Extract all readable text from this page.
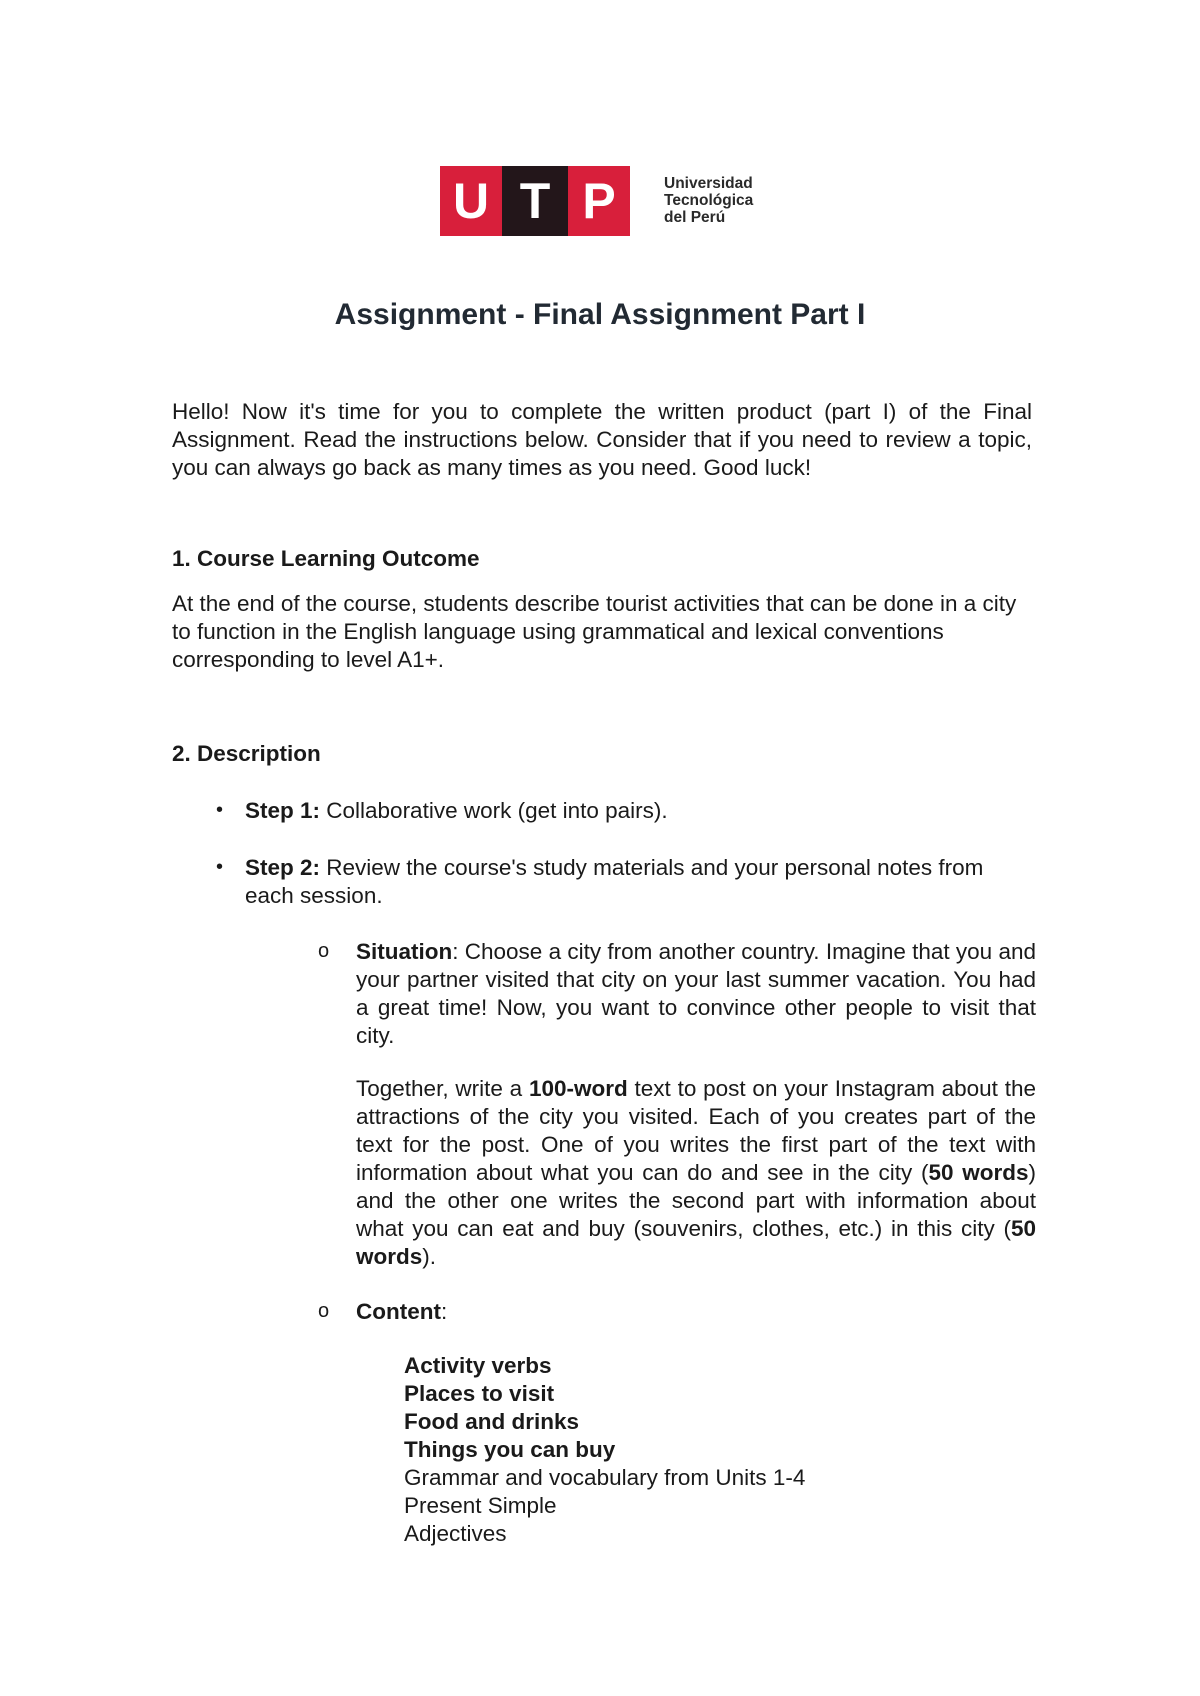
U T P	Universidad
Tecnológica
del Perú
Assignment - Final Assignment Part I
Hello! Now it's time for you to complete the written product (part I) of the Final Assignment. Read the instructions below. Consider that if you need to review a topic, you can always go back as many times as you need. Good luck!
1. Course Learning Outcome
At the end of the course, students describe tourist activities that can be done in a city to function in the English language using grammatical and lexical conventions corresponding to level A1+.
2. Description
• Step 1: Collaborative work (get into pairs).
• Step 2: Review the course's study materials and your personal notes from each session.
o Situation: Choose a city from another country. Imagine that you and your partner visited that city on your last summer vacation. You had a great time! Now, you want to convince other people to visit that city.
Together, write a 100-word text to post on your Instagram about the attractions of the city you visited. Each of you creates part of the text for the post. One of you writes the first part of the text with information about what you can do and see in the city (50 words) and the other one writes the second part with information about what you can eat and buy (souvenirs, clothes, etc.) in this city (50 words).
o Content:
Activity verbs
Places to visit
Food and drinks
Things you can buy
Grammar and vocabulary from Units 1-4
Present Simple
Adjectives
